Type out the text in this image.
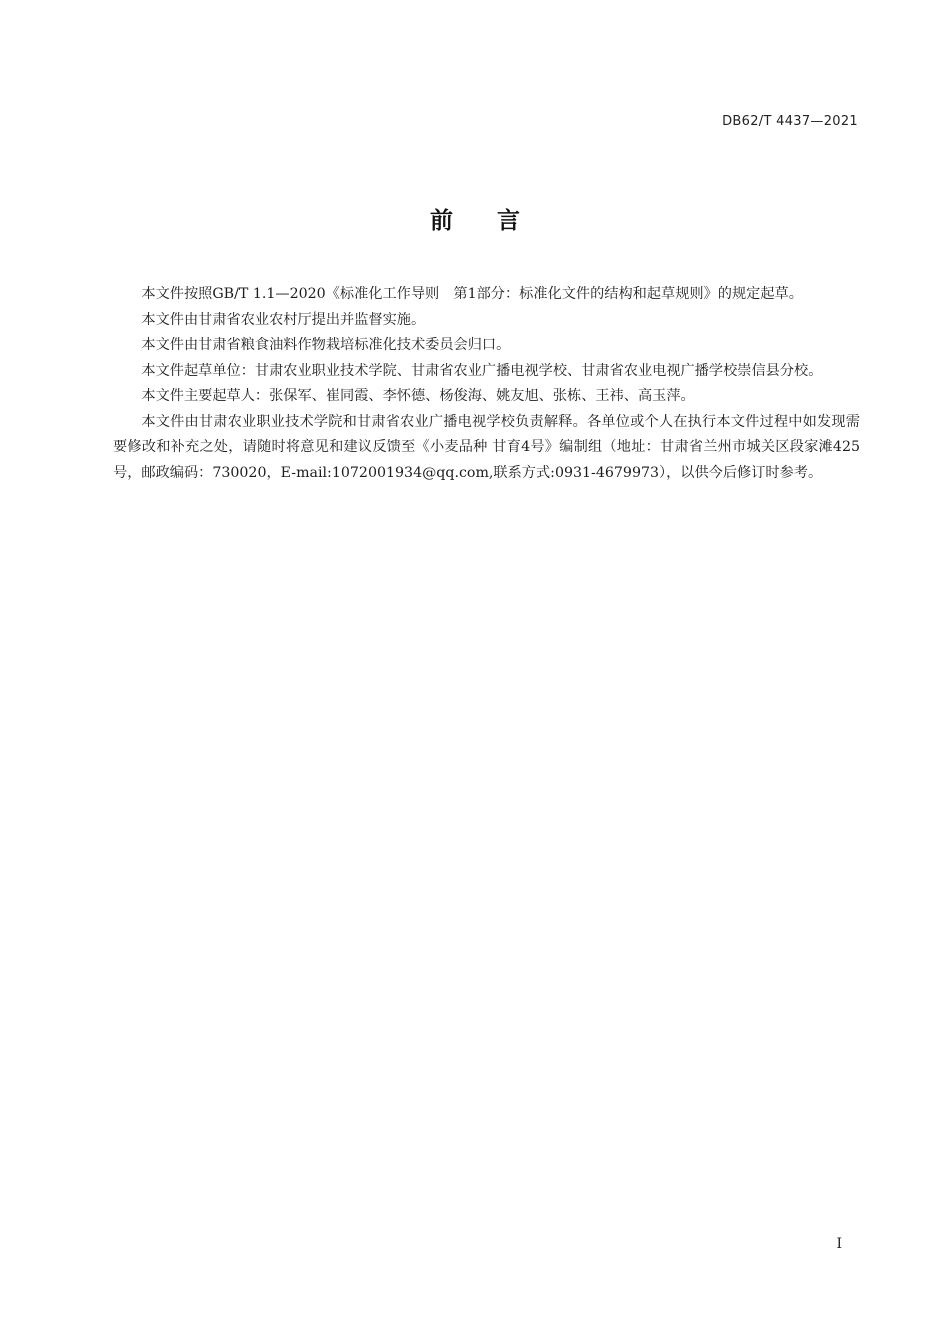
DB62/T 4437—2021
前言

本文件按照GB/T 1.1—2020《标准化工作导则　第1部分：标准化文件的结构和起草规则》的规定起草。

本文件由甘肃省农业农村厅提出并监督实施。

本文件由甘肃省粮食油料作物栽培标准化技术委员会归口。

本文件起草单位：甘肃农业职业技术学院、甘肃省农业广播电视学校、甘肃省农业电视广播学校崇信县分校。

本文件主要起草人：张保军、崔同霞、李怀德、杨俊海、姚友旭、张栋、王祎、高玉萍。

本文件由甘肃农业职业技术学院和甘肃省农业广播电视学校负责解释。各单位或个人在执行本文件过程中如发现需要修改和补充之处，请随时将意见和建议反馈至《小麦品种 甘育4号》编制组（地址：甘肃省兰州市城关区段家滩425号，邮政编码：730020，E-mail:1072001934@qq.com,联系方式:0931-4679973），以供今后修订时参考。

I
